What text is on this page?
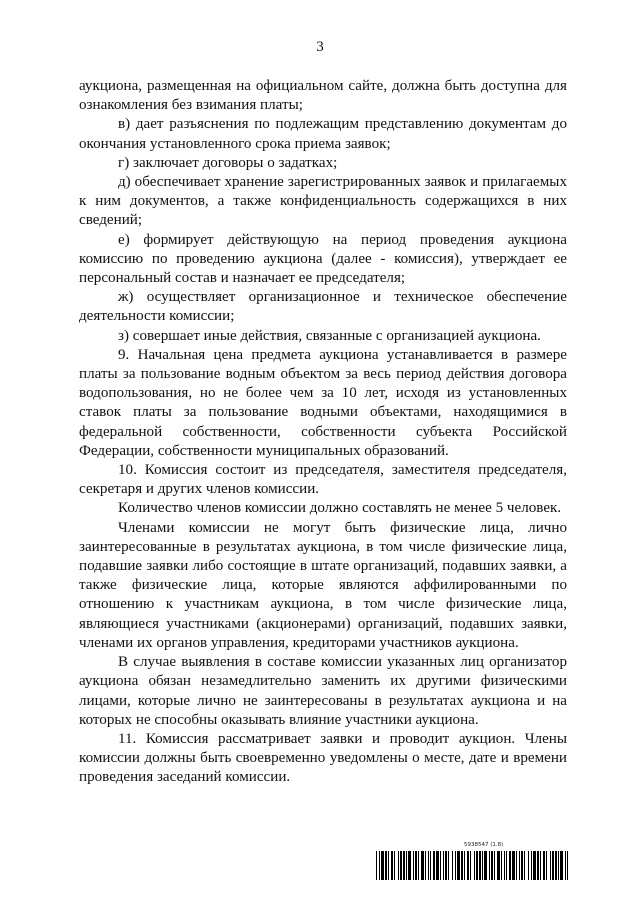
3

аукциона, размещенная на официальном сайте, должна быть доступна для ознакомления без взимания платы;

в) дает разъяснения по подлежащим представлению документам до окончания установленного срока приема заявок;

г) заключает договоры о задатках;

д) обеспечивает хранение зарегистрированных заявок и прилагаемых к ним документов, а также конфиденциальность содержащихся в них сведений;

е) формирует действующую на период проведения аукциона комиссию по проведению аукциона (далее - комиссия), утверждает ее персональный состав и назначает ее председателя;

ж) осуществляет организационное и техническое обеспечение деятельности комиссии;

з) совершает иные действия, связанные с организацией аукциона.

9. Начальная цена предмета аукциона устанавливается в размере платы за пользование водным объектом за весь период действия договора водопользования, но не более чем за 10 лет, исходя из установленных ставок платы за пользование водными объектами, находящимися в федеральной собственности, собственности субъекта Российской Федерации, собственности муниципальных образований.

10. Комиссия состоит из председателя, заместителя председателя, секретаря и других членов комиссии.

Количество членов комиссии должно составлять не менее 5 человек.

Членами комиссии не могут быть физические лица, лично заинтересованные в результатах аукциона, в том числе физические лица, подавшие заявки либо состоящие в штате организаций, подавших заявки, а также физические лица, которые являются аффилированными по отношению к участникам аукциона, в том числе физические лица, являющиеся участниками (акционерами) организаций, подавших заявки, членами их органов управления, кредиторами участников аукциона.

В случае выявления в составе комиссии указанных лиц организатор аукциона обязан незамедлительно заменить их другими физическими лицами, которые лично не заинтересованы в результатах аукциона и на которых не способны оказывать влияние участники аукциона.

11. Комиссия рассматривает заявки и проводит аукцион. Члены комиссии должны быть своевременно уведомлены о месте, дате и времени проведения заседаний комиссии.

5938547 (1.8)
